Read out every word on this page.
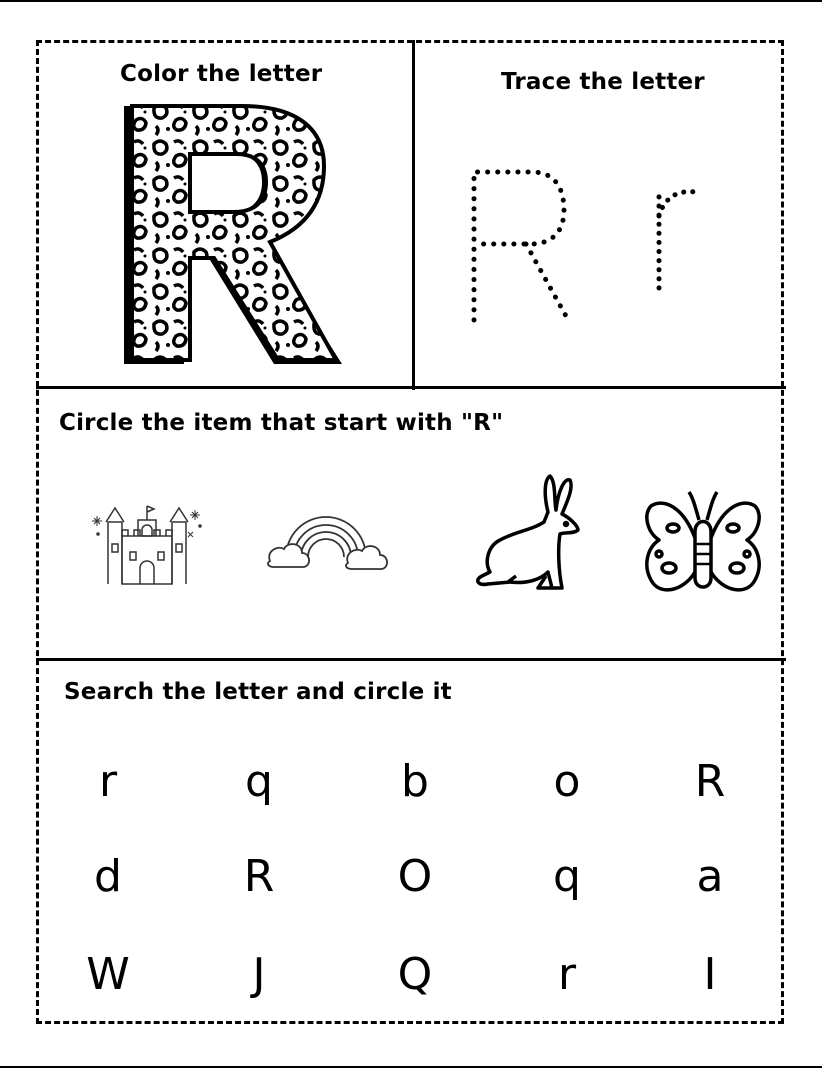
Color the letter	Trace the letter
Circle the item that start with "R"
Search the letter and circle it
r	q	b	o	R
d	R	O	q	a
W	J	Q	r	I
